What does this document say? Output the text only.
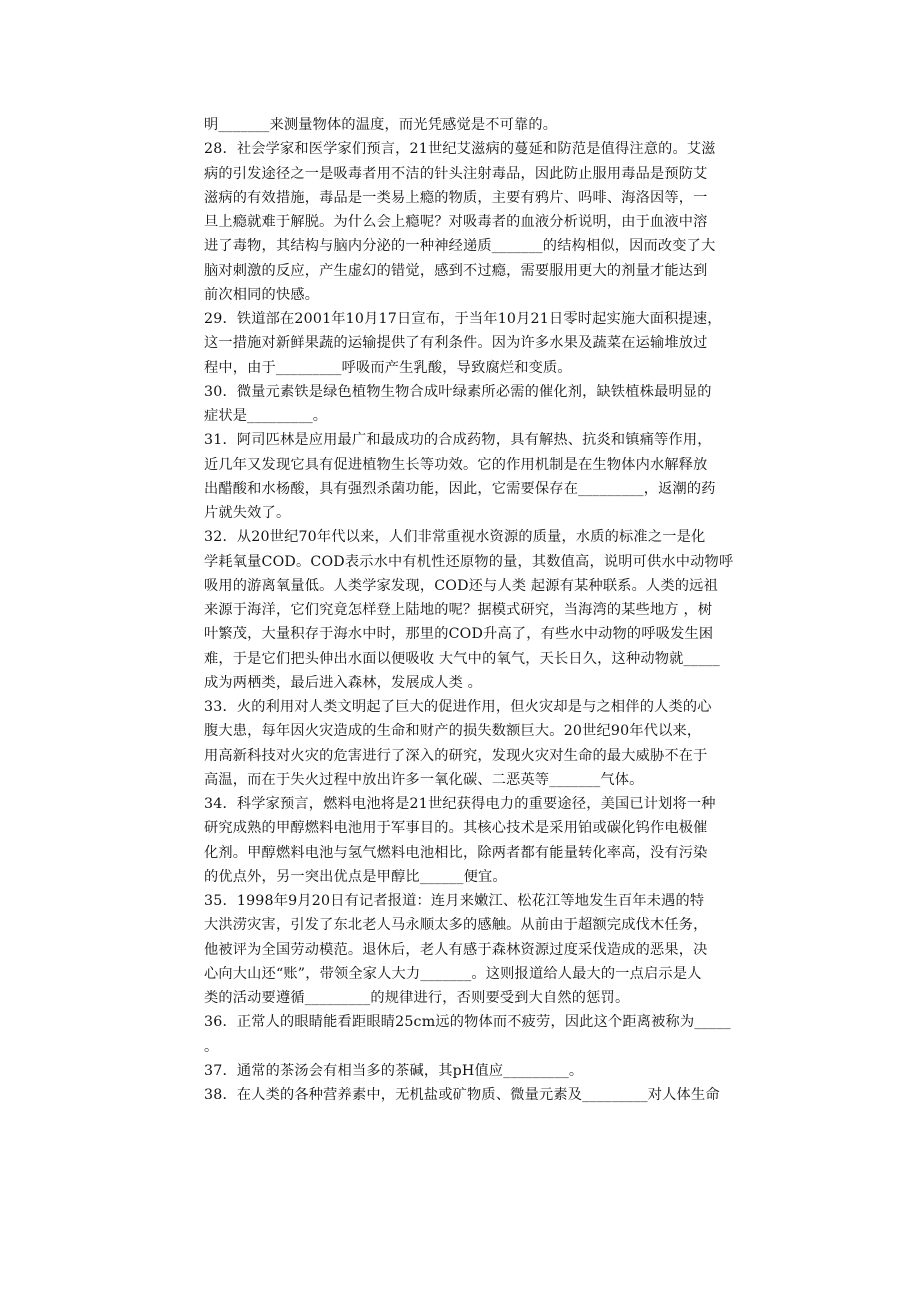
明_______来测量物体的温度，而光凭感觉是不可靠的。
28．社会学家和医学家们预言，21世纪艾滋病的蔓延和防范是值得注意的。艾滋
病的引发途径之一是吸毒者用不洁的针头注射毒品，因此防止服用毒品是预防艾
滋病的有效措施，毒品是一类易上瘾的物质，主要有鸦片、吗啡、海洛因等，一
旦上瘾就难于解脱。为什么会上瘾呢？对吸毒者的血液分析说明，由于血液中溶
进了毒物，其结构与脑内分泌的一种神经递质_______的结构相似，因而改变了大
脑对刺激的反应，产生虚幻的错觉，感到不过瘾，需要服用更大的剂量才能达到
前次相同的快感。
29．铁道部在2001年10月17日宣布，于当年10月21日零时起实施大面积提速，
这一措施对新鲜果蔬的运输提供了有利条件。因为许多水果及蔬菜在运输堆放过
程中，由于_________呼吸而产生乳酸，导致腐烂和变质。
30．微量元素铁是绿色植物生物合成叶绿素所必需的催化剂，缺铁植株最明显的
症状是_________。
31．阿司匹林是应用最广和最成功的合成药物，具有解热、抗炎和镇痛等作用，
近几年又发现它具有促进植物生长等功效。它的作用机制是在生物体内水解释放
出醋酸和水杨酸，具有强烈杀菌功能，因此，它需要保存在_________，返潮的药
片就失效了。
32．从20世纪70年代以来，人们非常重视水资源的质量，水质的标准之一是化
学耗氧量COD。COD表示水中有机性还原物的量，其数值高，说明可供水中动物呼
吸用的游离氧量低。人类学家发现，COD还与人类 起源有某种联系。人类的远祖
来源于海洋，它们究竟怎样登上陆地的呢？据模式研究，当海湾的某些地方 ，树
叶繁茂，大量积存于海水中时，那里的COD升高了，有些水中动物的呼吸发生困
难，于是它们把头伸出水面以便吸收 大气中的氧气，天长日久，这种动物就_____
成为两栖类，最后进入森林，发展成人类 。
33．火的利用对人类文明起了巨大的促进作用，但火灾却是与之相伴的人类的心
腹大患，每年因火灾造成的生命和财产的损失数额巨大。20世纪90年代以来，
用高新科技对火灾的危害进行了深入的研究，发现火灾对生命的最大威胁不在于
高温，而在于失火过程中放出许多一氧化碳、二恶英等_______气体。
34．科学家预言，燃料电池将是21世纪获得电力的重要途径，美国已计划将一种
研究成熟的甲醇燃料电池用于军事目的。其核心技术是采用铂或碳化钨作电极催
化剂。甲醇燃料电池与氢气燃料电池相比，除两者都有能量转化率高，没有污染
的优点外，另一突出优点是甲醇比______便宜。
35．1998年9月20日有记者报道：连月来嫩江、松花江等地发生百年未遇的特
大洪涝灾害，引发了东北老人马永顺太多的感触。从前由于超额完成伐木任务，
他被评为全国劳动模范。退休后，老人有感于森林资源过度采伐造成的恶果，决
心向大山还“账”，带领全家人大力_______。这则报道给人最大的一点启示是人
类的活动要遵循_________的规律进行，否则要受到大自然的惩罚。
36．正常人的眼睛能看距眼睛25cm远的物体而不疲劳，因此这个距离被称为_____
。
37．通常的茶汤会有相当多的茶碱，其pH值应_________。
38．在人类的各种营养素中，无机盐或矿物质、微量元素及_________对人体生命
